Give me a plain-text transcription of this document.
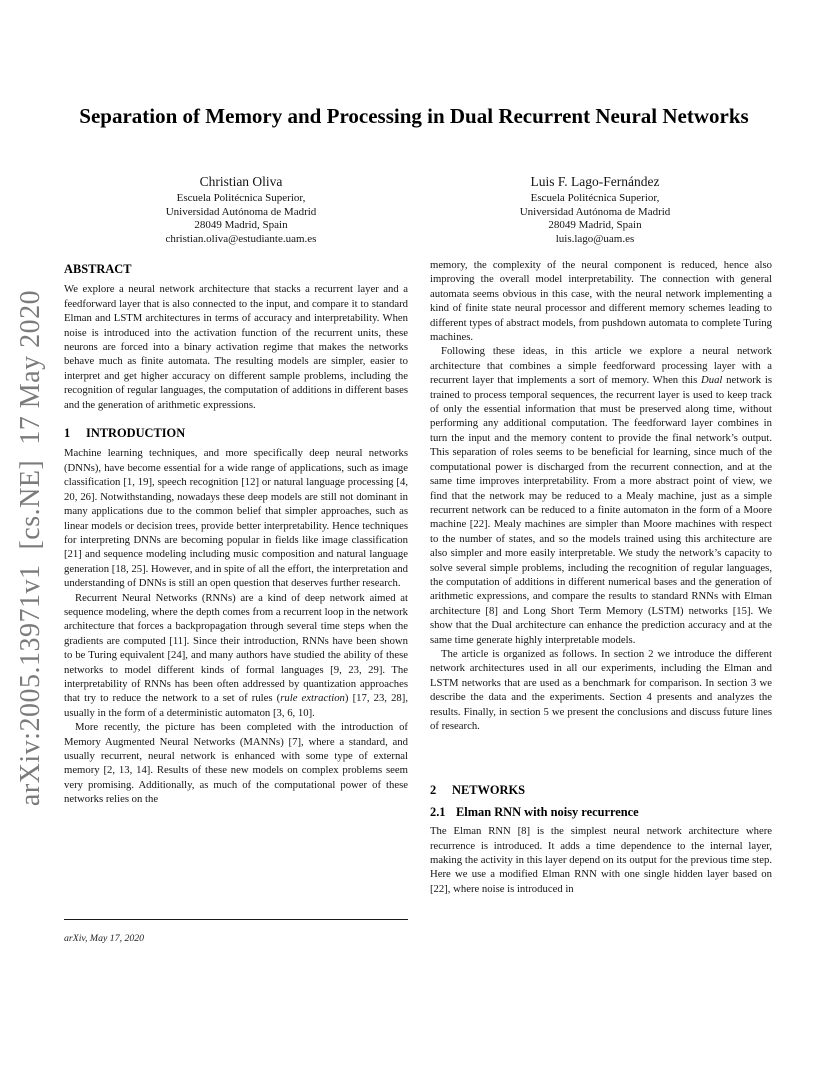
arXiv:2005.13971v1  [cs.NE]  17 May 2020
Separation of Memory and Processing in Dual Recurrent Neural Networks
Christian Oliva
Escuela Politécnica Superior,
Universidad Autónoma de Madrid
28049 Madrid, Spain
christian.oliva@estudiante.uam.es
Luis F. Lago-Fernández
Escuela Politécnica Superior,
Universidad Autónoma de Madrid
28049 Madrid, Spain
luis.lago@uam.es
ABSTRACT

We explore a neural network architecture that stacks a recurrent layer and a feedforward layer that is also connected to the input, and compare it to standard Elman and LSTM architectures in terms of accuracy and interpretability. When noise is introduced into the activation function of the recurrent units, these neurons are forced into a binary activation regime that makes the networks behave much as finite automata. The resulting models are simpler, easier to interpret and get higher accuracy on different sample problems, including the recognition of regular languages, the computation of additions in different bases and the generation of arithmetic expressions.

1 INTRODUCTION

Machine learning techniques, and more specifically deep neural networks (DNNs), have become essential for a wide range of applications, such as image classification [1, 19], speech recognition [12] or natural language processing [4, 20, 26]. Notwithstanding, nowadays these deep models are still not dominant in many applications due to the common belief that simpler approaches, such as linear models or decision trees, provide better interpretability. Hence techniques for interpreting DNNs are becoming popular in fields like image classification [21] and sequence modeling including music composition and natural language generation [18, 25]. However, and in spite of all the effort, the interpretation and understanding of DNNs is still an open question that deserves further research.

Recurrent Neural Networks (RNNs) are a kind of deep network aimed at sequence modeling, where the depth comes from a recurrent loop in the network architecture that forces a backpropagation through several time steps when the gradients are computed [11]. Since their introduction, RNNs have been shown to be Turing equivalent [24], and many authors have studied the ability of these networks to model different kinds of formal languages [9, 23, 29]. The interpretability of RNNs has been often addressed by quantization approaches that try to reduce the network to a set of rules (rule extraction) [17, 23, 28], usually in the form of a deterministic automaton [3, 6, 10].

More recently, the picture has been completed with the introduction of Memory Augmented Neural Networks (MANNs) [7], where a standard, and usually recurrent, neural network is enhanced with some type of external memory [2, 13, 14]. Results of these new models on complex problems seem very promising. Additionally, as much of the computational power of these networks relies on the

memory, the complexity of the neural component is reduced, hence also improving the overall model interpretability. The connection with general automata seems obvious in this case, with the neural network implementing a kind of finite state neural processor and different memory schemes leading to different types of abstract models, from pushdown automata to complete Turing machines.

Following these ideas, in this article we explore a neural network architecture that combines a simple feedforward processing layer with a recurrent layer that implements a sort of memory. When this Dual network is trained to process temporal sequences, the recurrent layer is used to keep track of only the essential information that must be preserved along time, without performing any additional computation. The feedforward layer combines in turn the input and the memory content to provide the final network’s output. This separation of roles seems to be beneficial for learning, since much of the computational power is discharged from the recurrent connection, and at the same time improves interpretability. From a more abstract point of view, we find that the network may be reduced to a Mealy machine, just as a simple recurrent network can be reduced to a finite automaton in the form of a Moore machine [22]. Mealy machines are simpler than Moore machines with respect to the number of states, and so the models trained using this architecture are also simpler and more easily interpretable. We study the network’s capacity to solve several simple problems, including the recognition of regular languages, the computation of additions in different numerical bases and the generation of arithmetic expressions, and compare the results to standard RNNs with Elman architecture [8] and Long Short Term Memory (LSTM) networks [15]. We show that the Dual architecture can enhance the prediction accuracy and at the same time generate highly interpretable models.

The article is organized as follows. In section 2 we introduce the different network architectures used in all our experiments, including the Elman and LSTM networks that are used as a benchmark for comparison. In section 3 we describe the data and the experiments. Section 4 presents and analyzes the results. Finally, in section 5 we present the conclusions and discuss future lines of research.

2 NETWORKS
2.1 Elman RNN with noisy recurrence

The Elman RNN [8] is the simplest neural network architecture where recurrence is introduced. It adds a time dependence to the internal layer, making the activity in this layer depend on its output for the previous time step. Here we use a modified Elman RNN with one single hidden layer based on [22], where noise is introduced in

arXiv, May 17, 2020
